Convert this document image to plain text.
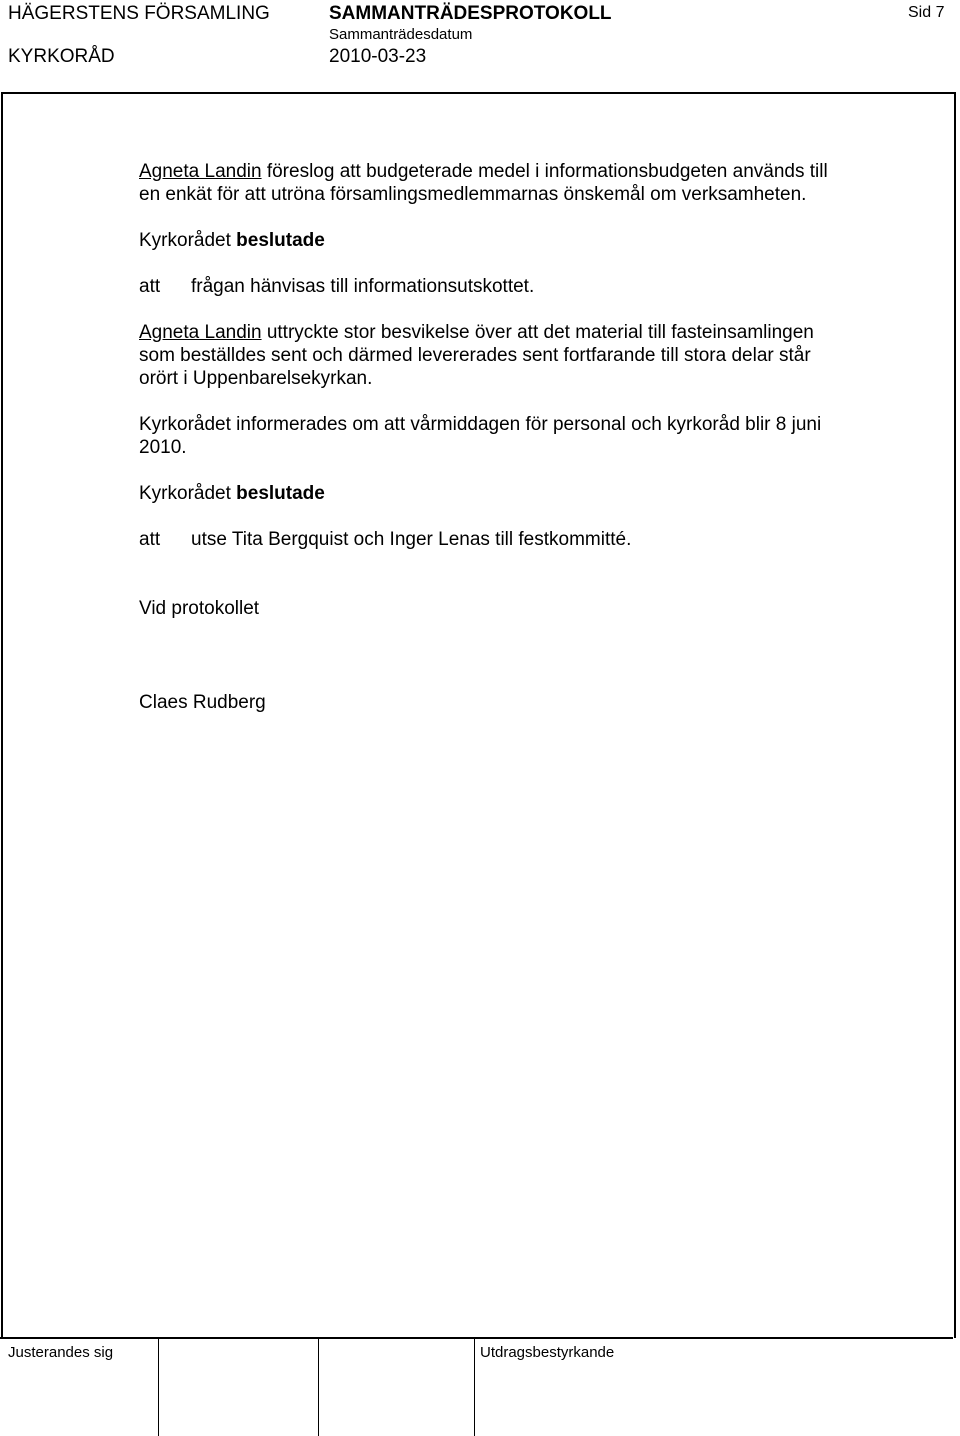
HÄGERSTENS FÖRSAMLING	SAMMANTRÄDESPROTOKOLL	Sid 7
Sammanträdesdatum
KYRKORÅD	2010-03-23

Agneta Landin föreslog att budgeterade medel i informationsbudgeten används till en enkät för att utröna församlingsmedlemmarnas önskemål om verksamheten.

Kyrkorådet beslutade

att	frågan hänvisas till informationsutskottet.

Agneta Landin uttryckte stor besvikelse över att det material till fasteinsamlingen som beställdes sent och därmed levererades sent fortfarande till stora delar står orört i Uppenbarelsekyrkan.

Kyrkorådet informerades om att vårmiddagen för personal och kyrkoråd blir 8 juni 2010.

Kyrkorådet beslutade

att	utse Tita Bergquist och Inger Lenas till festkommitté.

Vid protokollet

Claes Rudberg

Justerandes sig	Utdragsbestyrkande
